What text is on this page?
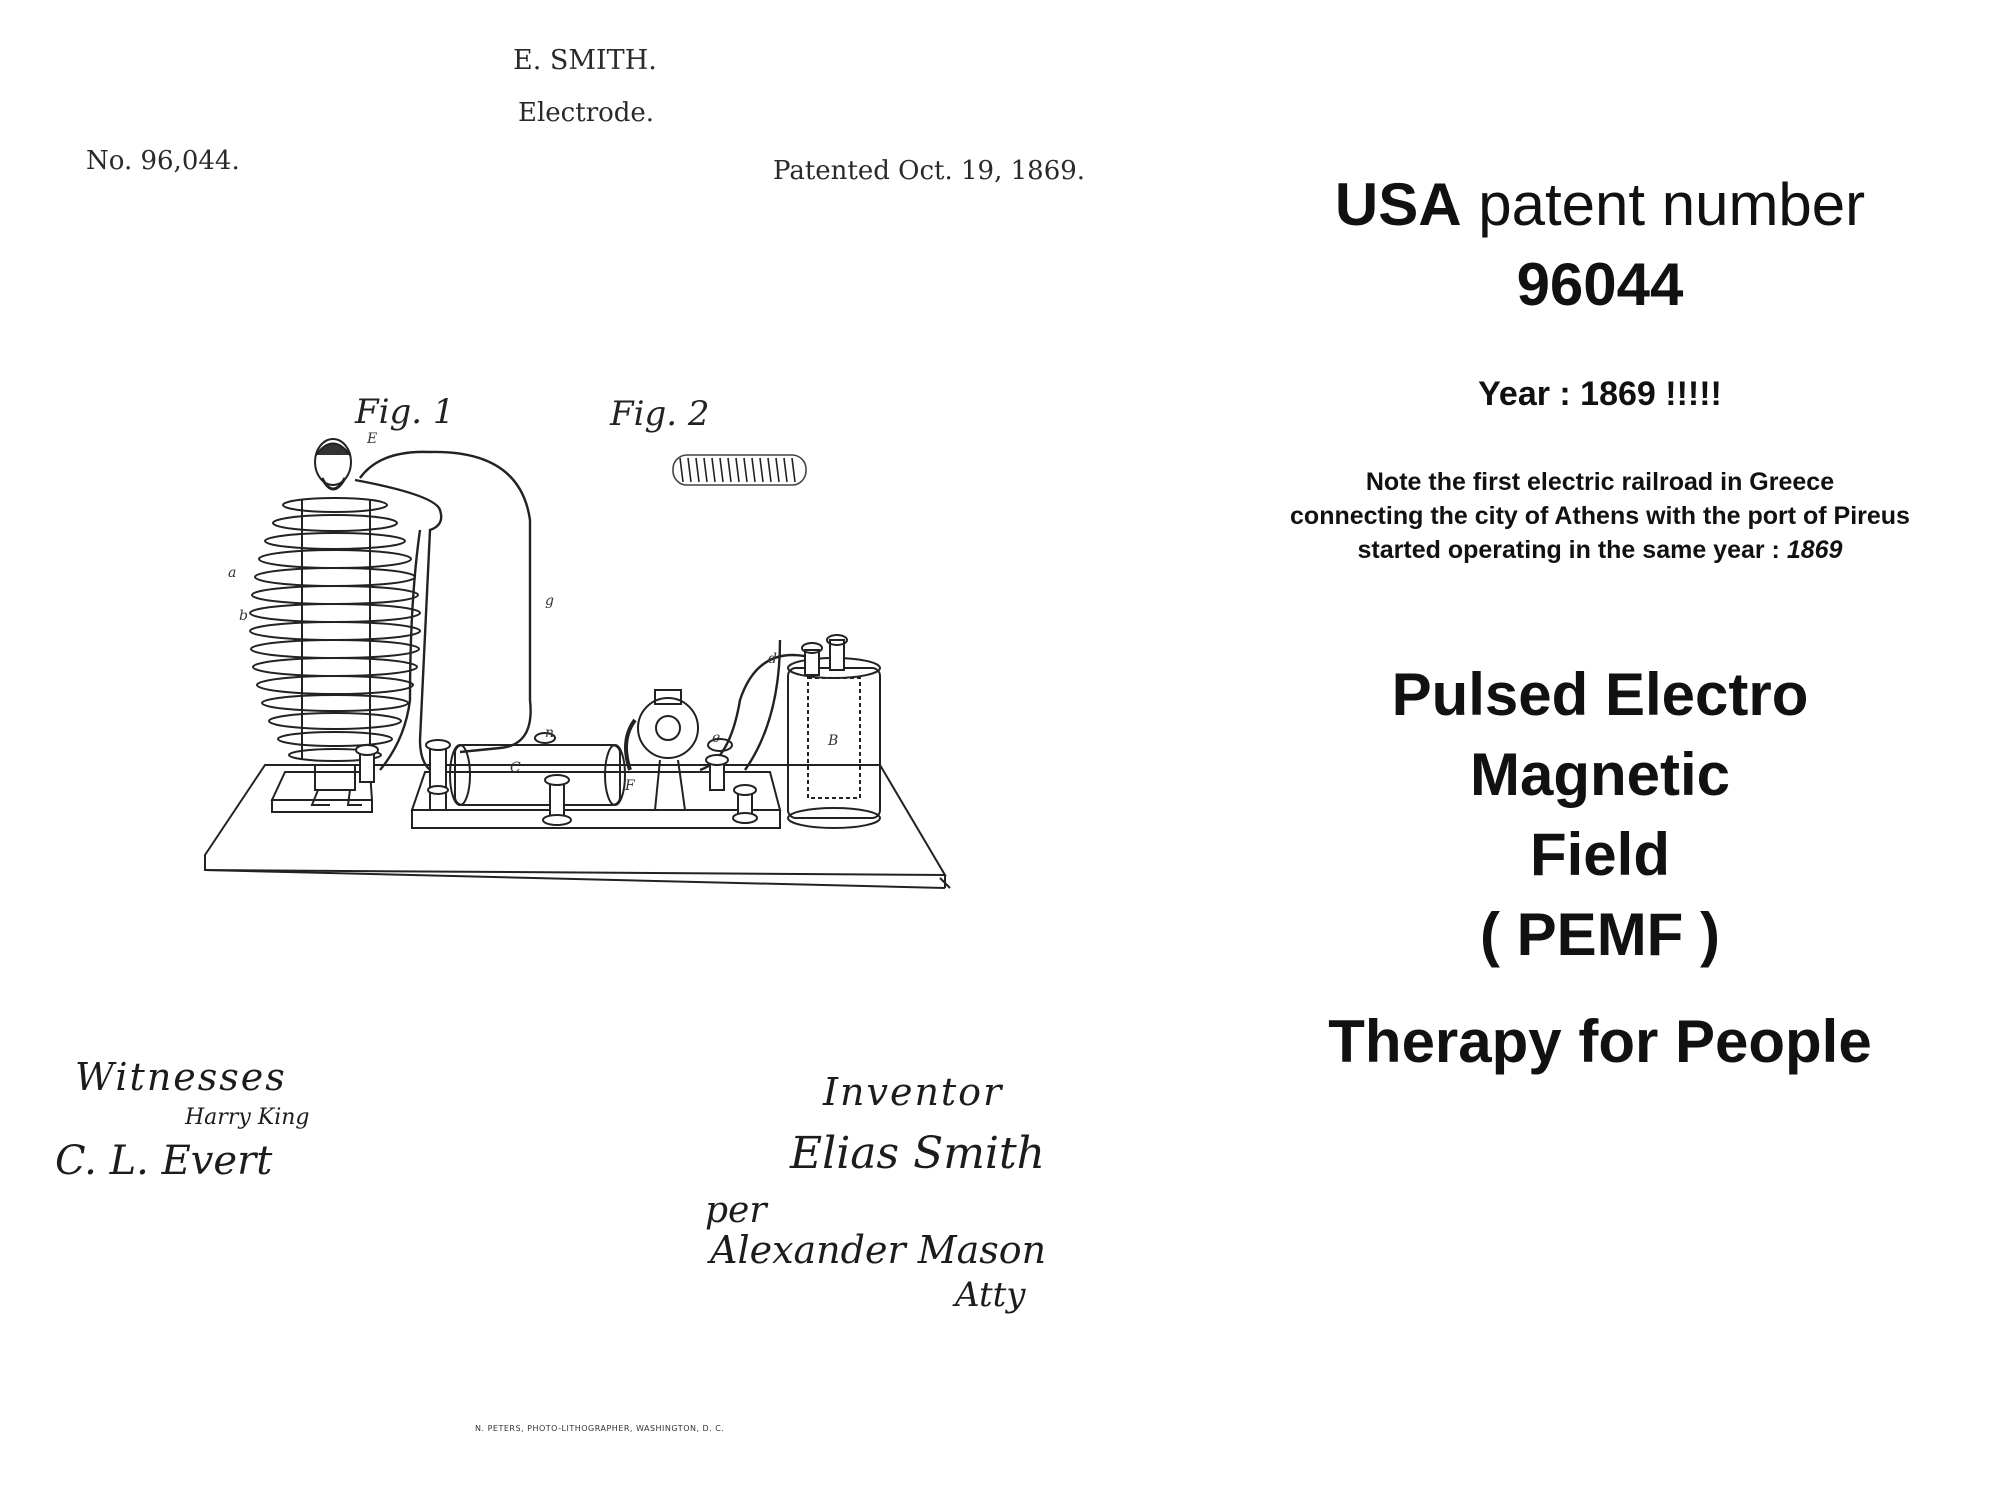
E. SMITH.
Electrode.
No. 96,044.	Patented Oct. 19, 1869.
Fig. 1	Fig. 2
E
a
b
g
C
B
n
d
e
F
Witnesses
Harry King
C. L. Evert
Inventor
Elias Smith
per
Alexander Mason
Atty
N. PETERS, PHOTO-LITHOGRAPHER, WASHINGTON, D. C.
USA patent number
96044
Year : 1869 !!!!!
Note the first electric railroad in Greece
connecting the city of Athens with the port of Pireus
started operating in the same year : 1869
Pulsed Electro
Magnetic
Field
( PEMF )
Therapy for People
